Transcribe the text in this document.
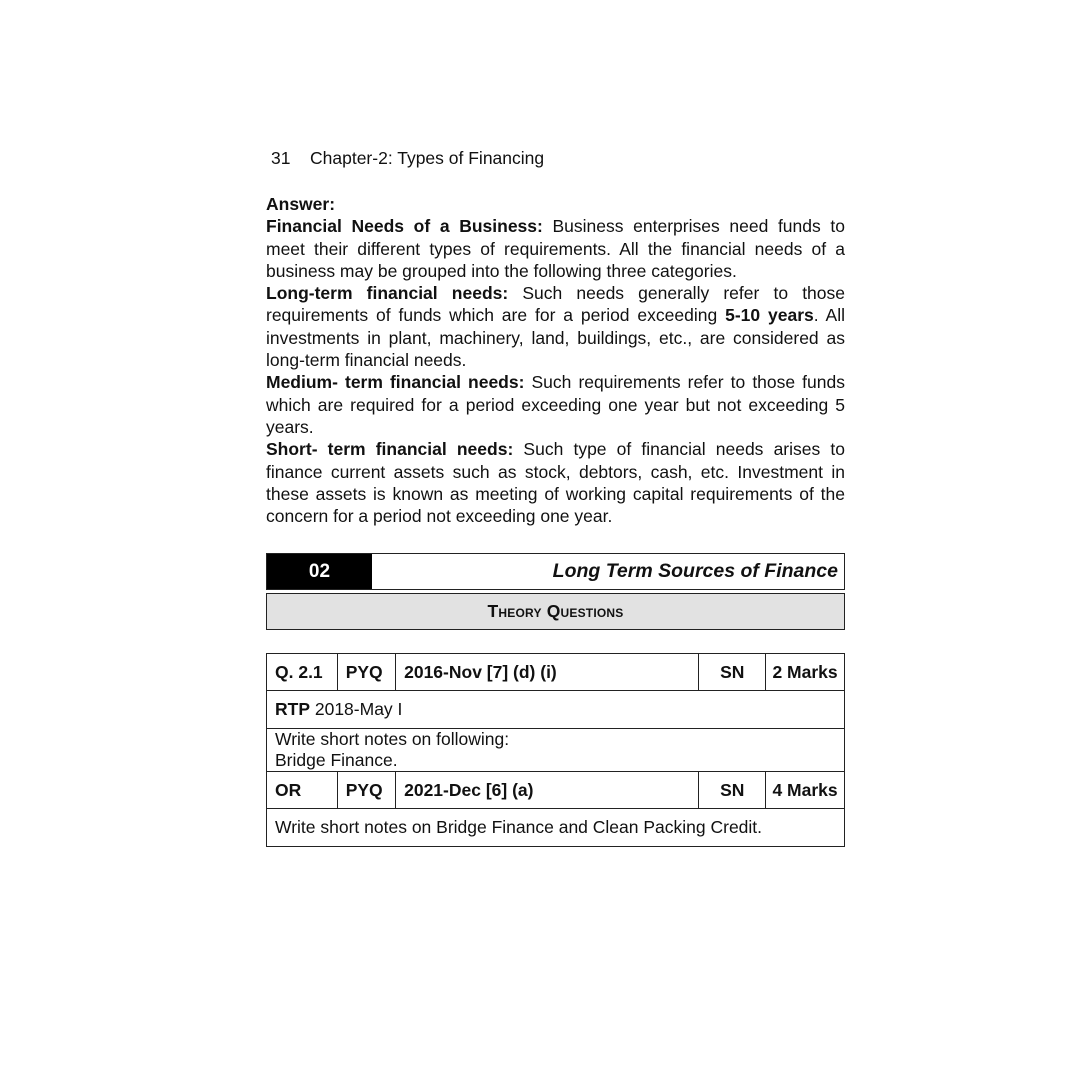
31 Chapter-2: Types of Financing

Answer:

Financial Needs of a Business: Business enterprises need funds to meet their different types of requirements. All the financial needs of a business may be grouped into the following three categories.

Long-term financial needs: Such needs generally refer to those requirements of funds which are for a period exceeding 5-10 years. All investments in plant, machinery, land, buildings, etc., are considered as long-term financial needs.

Medium- term financial needs: Such requirements refer to those funds which are required for a period exceeding one year but not exceeding 5 years.

Short- term financial needs: Such type of financial needs arises to finance current assets such as stock, debtors, cash, etc. Investment in these assets is known as meeting of working capital requirements of the concern for a period not exceeding one year.

02	Long Term Sources of Finance
Theory Questions
Q. 2.1	PYQ	2016-Nov [7] (d) (i)	SN	2 Marks
RTP 2018-May I				

Write short notes on following:
Bridge Finance.				

OR	PYQ	2021-Dec [6] (a)	SN	4 Marks
Write short notes on Bridge Finance and Clean Packing Credit.				
